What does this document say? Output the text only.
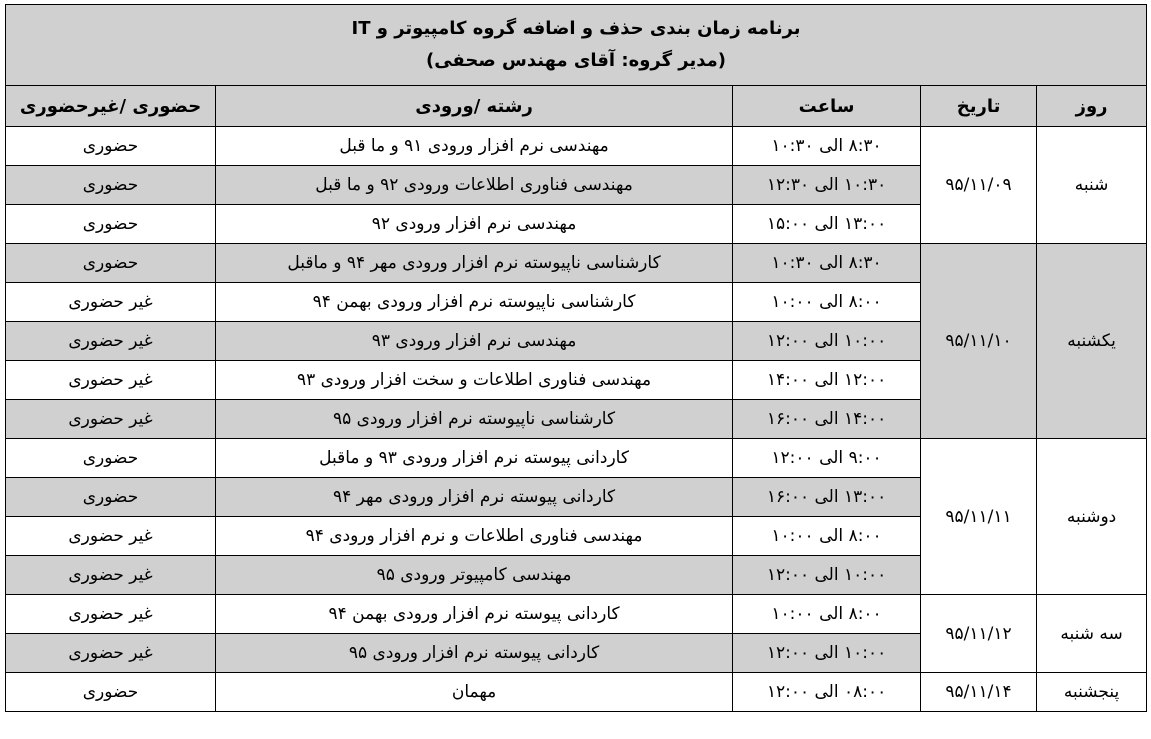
برنامه زمان بندی حذف و اضافه گروه کامپیوتر و IT
(مدیر گروه: آقای مهندس صحفی)				

روز	تاریخ	ساعت	رشته /ورودی	حضوری /غیرحضوری
شنبه	۹۵/۱۱/۰۹	۸:۳۰ الی ۱۰:۳۰	مهندسی نرم افزار ورودی ۹۱ و ما قبل	حضوری
		۱۰:۳۰ الی ۱۲:۳۰	مهندسی فناوری اطلاعات ورودی ۹۲ و ما قبل	حضوری
		۱۳:۰۰ الی ۱۵:۰۰	مهندسی نرم افزار ورودی ۹۲	حضوری
یکشنبه	۹۵/۱۱/۱۰	۸:۳۰ الی ۱۰:۳۰	کارشناسی ناپیوسته نرم افزار ورودی مهر ۹۴ و ماقبل	حضوری
		۸:۰۰ الی ۱۰:۰۰	کارشناسی ناپیوسته نرم افزار ورودی بهمن ۹۴	غیر حضوری
		۱۰:۰۰ الی ۱۲:۰۰	مهندسی نرم افزار ورودی ۹۳	غیر حضوری
		۱۲:۰۰ الی ۱۴:۰۰	مهندسی فناوری اطلاعات و سخت افزار ورودی ۹۳	غیر حضوری
		۱۴:۰۰ الی ۱۶:۰۰	کارشناسی ناپیوسته نرم افزار ورودی ۹۵	غیر حضوری
دوشنبه	۹۵/۱۱/۱۱	۹:۰۰ الی ۱۲:۰۰	کاردانی پیوسته نرم افزار ورودی ۹۳ و ماقبل	حضوری
		۱۳:۰۰ الی ۱۶:۰۰	کاردانی پیوسته نرم افزار ورودی مهر ۹۴	حضوری
		۸:۰۰ الی ۱۰:۰۰	مهندسی فناوری اطلاعات و نرم افزار ورودی ۹۴	غیر حضوری
		۱۰:۰۰ الی ۱۲:۰۰	مهندسی کامپیوتر ورودی ۹۵	غیر حضوری
سه شنبه	۹۵/۱۱/۱۲	۸:۰۰ الی ۱۰:۰۰	کاردانی پیوسته نرم افزار ورودی بهمن ۹۴	غیر حضوری
		۱۰:۰۰ الی ۱۲:۰۰	کاردانی پیوسته نرم افزار ورودی ۹۵	غیر حضوری
پنجشنبه	۹۵/۱۱/۱۴	۰۸:۰۰ الی ۱۲:۰۰	مهمان	حضوری
